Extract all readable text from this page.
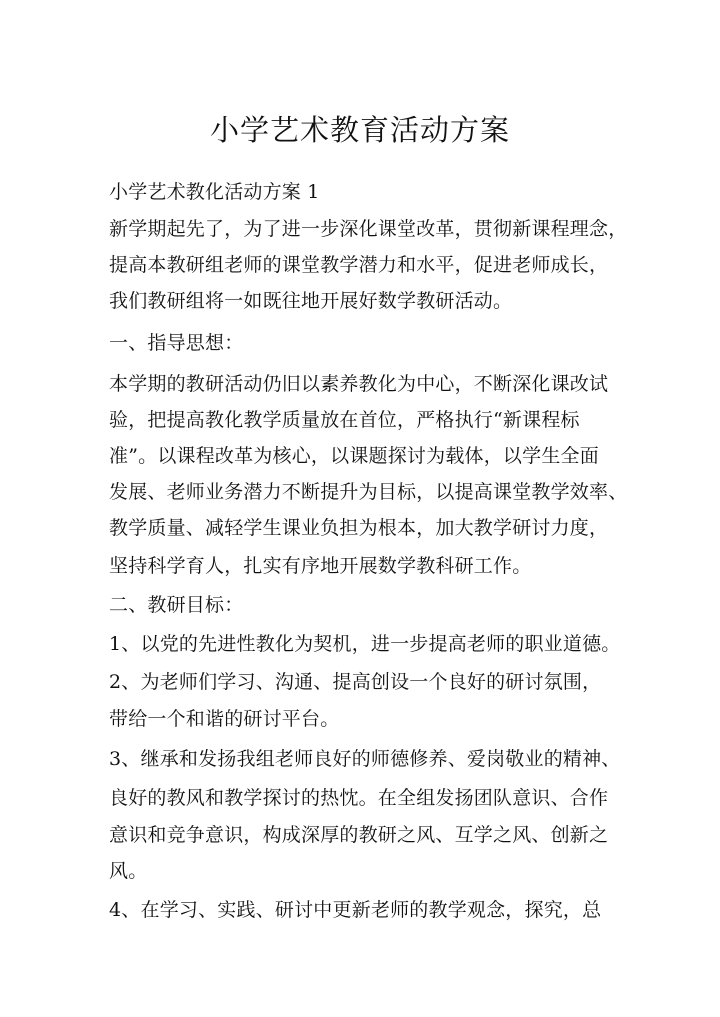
小学艺术教育活动方案
小学艺术教化活动方案 1
新学期起先了，为了进一步深化课堂改革，贯彻新课程理念，
提高本教研组老师的课堂教学潜力和水平，促进老师成长，
我们教研组将一如既往地开展好数学教研活动。
一、指导思想：
本学期的教研活动仍旧以素养教化为中心，不断深化课改试
验，把提高教化教学质量放在首位，严格执行“新课程标
准”。以课程改革为核心，以课题探讨为载体，以学生全面
发展、老师业务潜力不断提升为目标，以提高课堂教学效率、
教学质量、减轻学生课业负担为根本，加大教学研讨力度，
坚持科学育人，扎实有序地开展数学教科研工作。
二、教研目标：
1、以党的先进性教化为契机，进一步提高老师的职业道德。
2、为老师们学习、沟通、提高创设一个良好的研讨氛围，
带给一个和谐的研讨平台。
3、继承和发扬我组老师良好的师德修养、爱岗敬业的精神、
良好的教风和教学探讨的热忱。在全组发扬团队意识、合作
意识和竞争意识，构成深厚的教研之风、互学之风、创新之
风。
4、在学习、实践、研讨中更新老师的教学观念，探究，总
